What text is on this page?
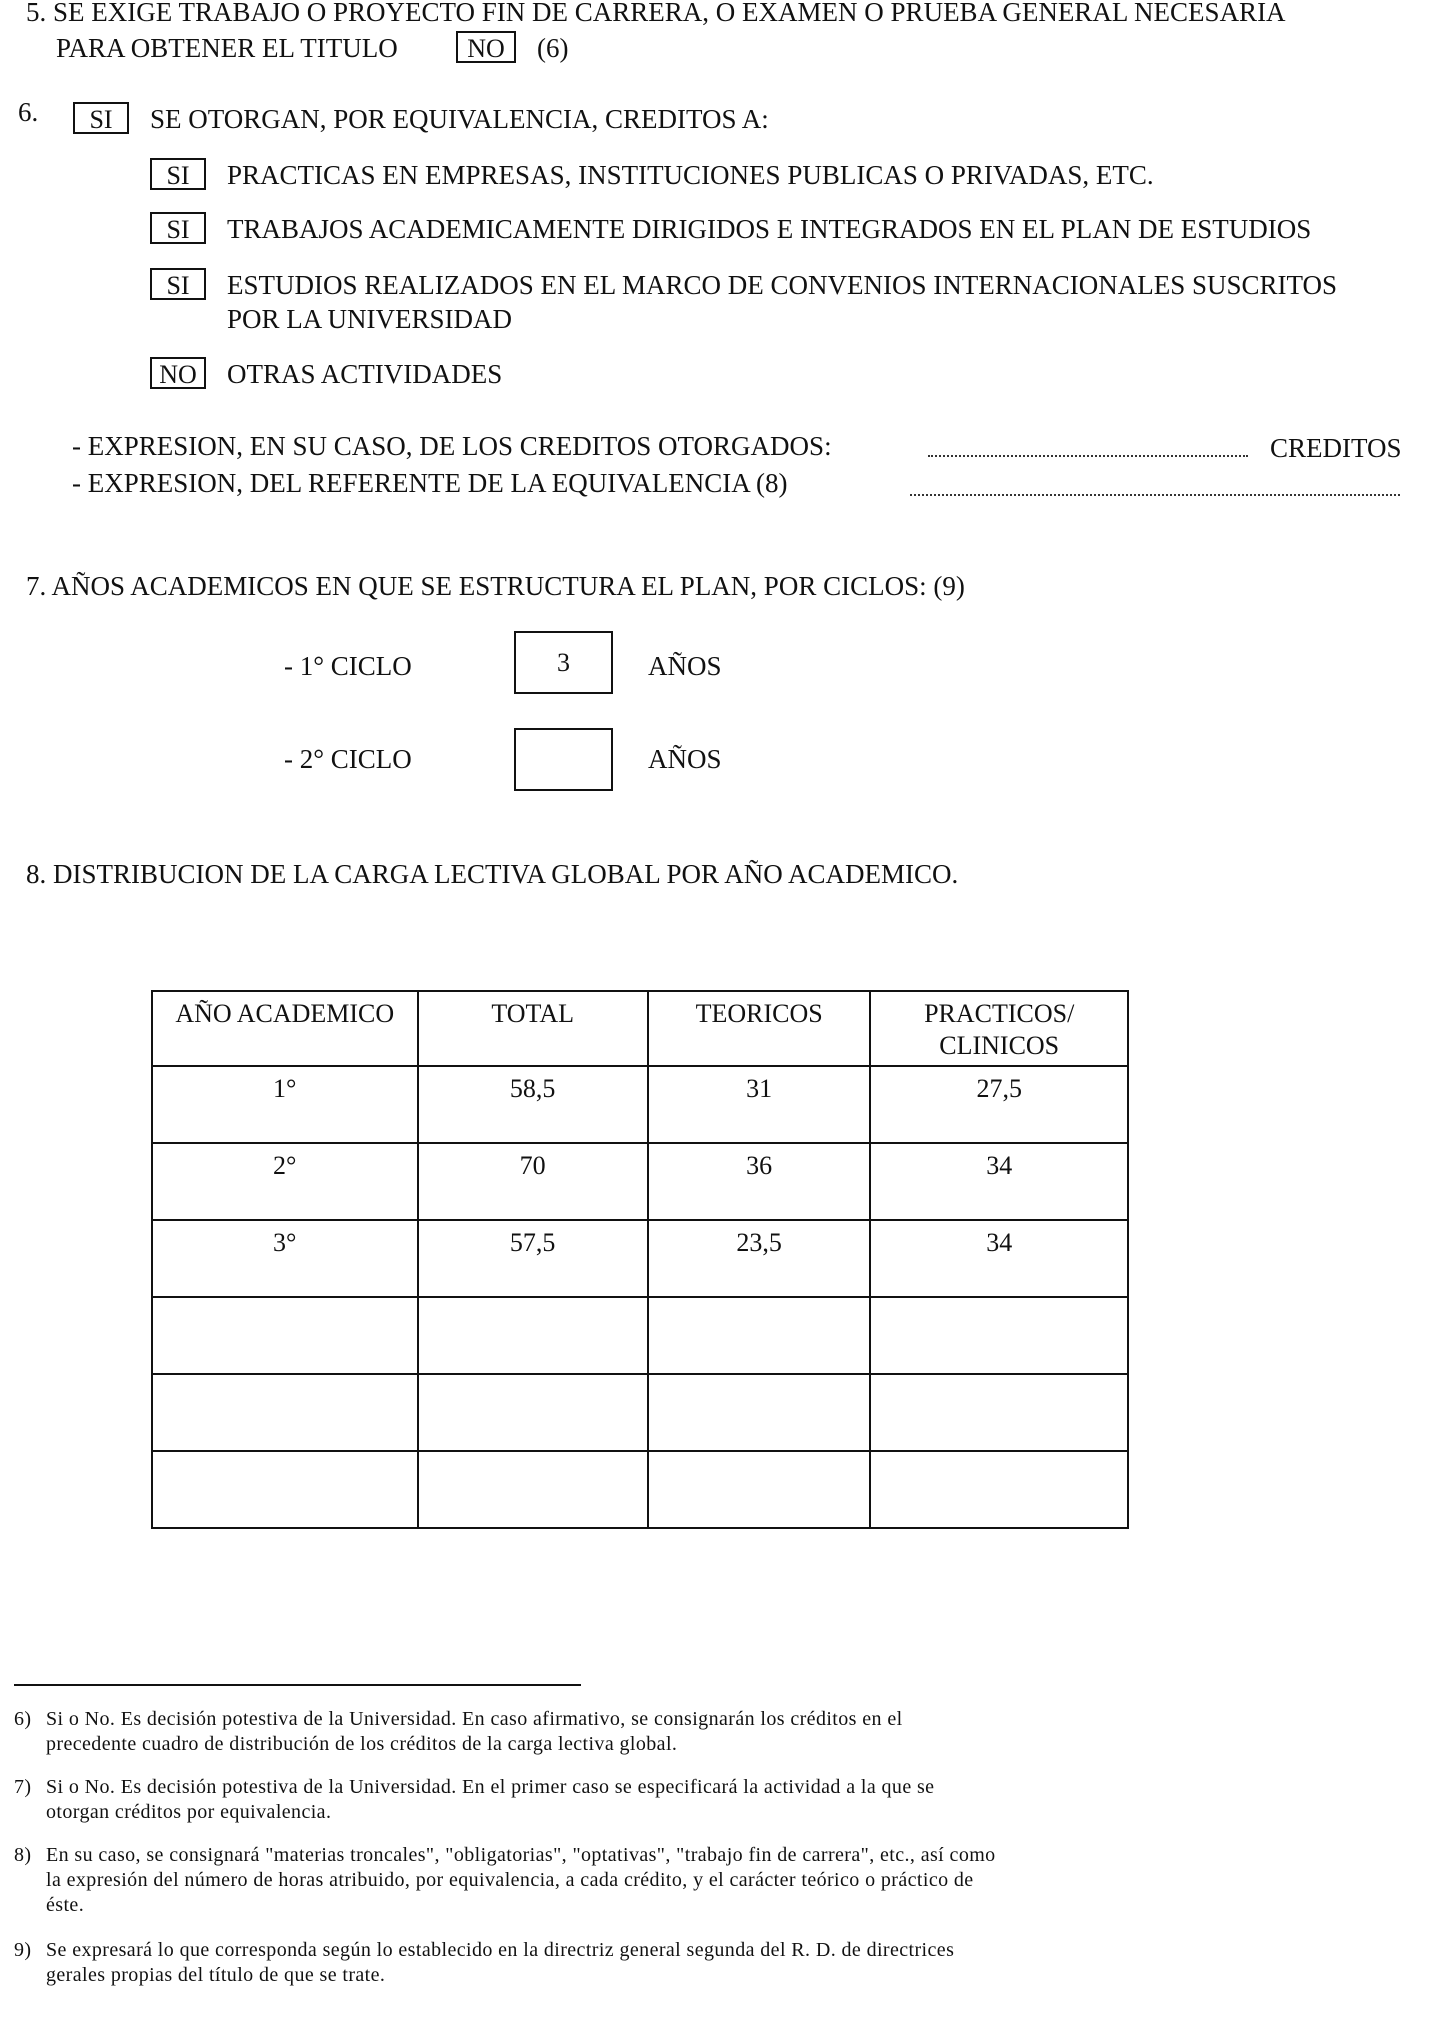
5. SE EXIGE TRABAJO O PROYECTO FIN DE CARRERA, O EXAMEN O PRUEBA GENERAL NECESARIA
PARA OBTENER EL TITULO	NO	(6)
6.	SI	SE OTORGAN, POR EQUIVALENCIA, CREDITOS A:
SI	PRACTICAS EN EMPRESAS, INSTITUCIONES PUBLICAS O PRIVADAS, ETC.
SI	TRABAJOS ACADEMICAMENTE DIRIGIDOS E INTEGRADOS EN EL PLAN DE ESTUDIOS
SI	ESTUDIOS REALIZADOS EN EL MARCO DE CONVENIOS INTERNACIONALES SUSCRITOS
POR LA UNIVERSIDAD
NO	OTRAS ACTIVIDADES
- EXPRESION, EN SU CASO, DE LOS CREDITOS OTORGADOS:	CREDITOS
- EXPRESION, DEL REFERENTE DE LA EQUIVALENCIA (8)
7. AÑOS ACADEMICOS EN QUE SE ESTRUCTURA EL PLAN, POR CICLOS: (9)
- 1° CICLO	3	AÑOS
- 2° CICLO	AÑOS
8. DISTRIBUCION DE LA CARGA LECTIVA GLOBAL POR AÑO ACADEMICO.
AÑO ACADEMICO	TOTAL	TEORICOS	PRACTICOS/ CLINICOS
1°	58,5	31	27,5
2°	70	36	34
3°	57,5	23,5	34

6) Si o No. Es decisión potestiva de la Universidad. En caso afirmativo, se consignarán los créditos en el
precedente cuadro de distribución de los créditos de la carga lectiva global.
7) Si o No. Es decisión potestiva de la Universidad. En el primer caso se especificará la actividad a la que se
otorgan créditos por equivalencia.
8) En su caso, se consignará "materias troncales", "obligatorias", "optativas", "trabajo fin de carrera", etc., así como
la expresión del número de horas atribuido, por equivalencia, a cada crédito, y el carácter teórico o práctico de
éste.
9) Se expresará lo que corresponda según lo establecido en la directriz general segunda del R. D. de directrices
gerales propias del título de que se trate.
